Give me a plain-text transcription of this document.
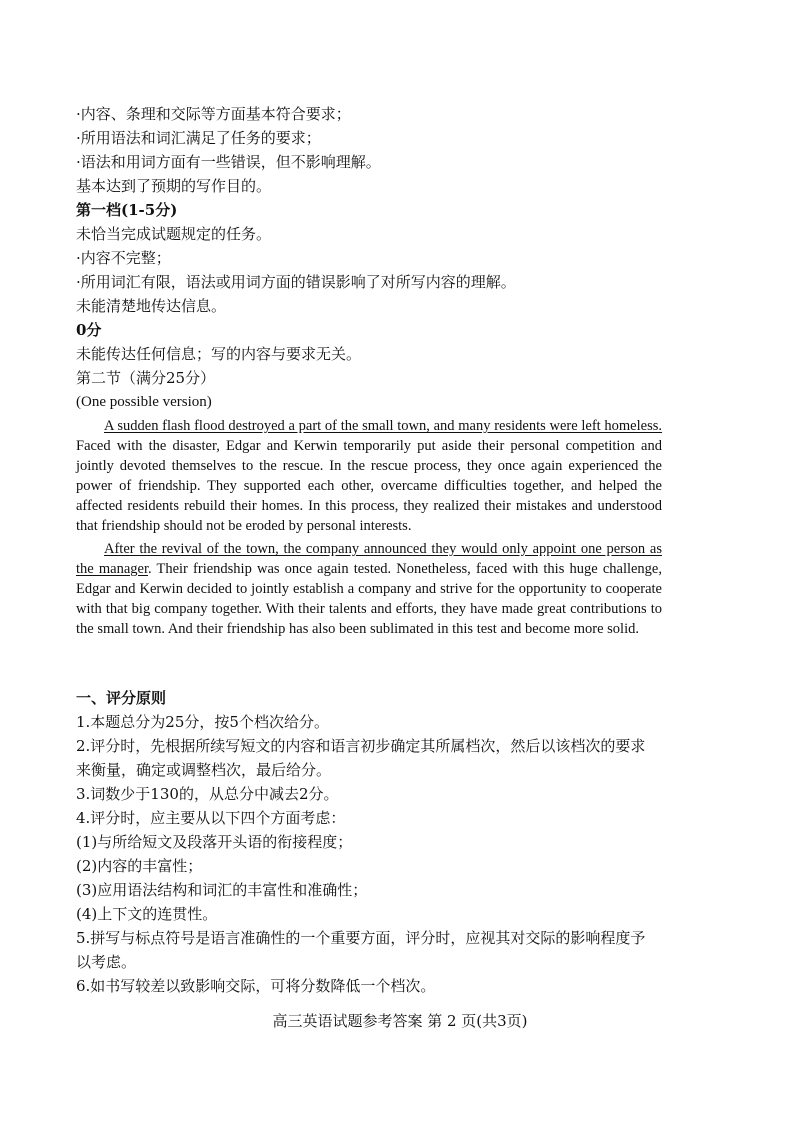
·内容、条理和交际等方面基本符合要求；
·所用语法和词汇满足了任务的要求；
·语法和用词方面有一些错误，但不影响理解。
基本达到了预期的写作目的。
第一档(1-5分)
未恰当完成试题规定的任务。
·内容不完整；
·所用词汇有限，语法或用词方面的错误影响了对所写内容的理解。
未能清楚地传达信息。
0分
未能传达任何信息；写的内容与要求无关。
第二节（满分25分）
(One possible version)

A sudden flash flood destroyed a part of the small town, and many residents were left homeless. Faced with the disaster, Edgar and Kerwin temporarily put aside their personal competition and jointly devoted themselves to the rescue. In the rescue process, they once again experienced the power of friendship. They supported each other, overcame difficulties together, and helped the affected residents rebuild their homes. In this process, they realized their mistakes and understood that friendship should not be eroded by personal interests.

After the revival of the town, the company announced they would only appoint one person as the manager. Their friendship was once again tested. Nonetheless, faced with this huge challenge, Edgar and Kerwin decided to jointly establish a company and strive for the opportunity to cooperate with that big company together. With their talents and efforts, they have made great contributions to the small town. And their friendship has also been sublimated in this test and become more solid.

一、评分原则
1.本题总分为25分，按5个档次给分。
2.评分时，先根据所续写短文的内容和语言初步确定其所属档次，然后以该档次的要求
来衡量，确定或调整档次，最后给分。
3.词数少于130的，从总分中减去2分。
4.评分时，应主要从以下四个方面考虑：
(1)与所给短文及段落开头语的衔接程度；
(2)内容的丰富性；
(3)应用语法结构和词汇的丰富性和准确性；
(4)上下文的连贯性。
5.拼写与标点符号是语言准确性的一个重要方面，评分时，应视其对交际的影响程度予
以考虑。
6.如书写较差以致影响交际，可将分数降低一个档次。
高三英语试题参考答案 第 2 页(共3页)
